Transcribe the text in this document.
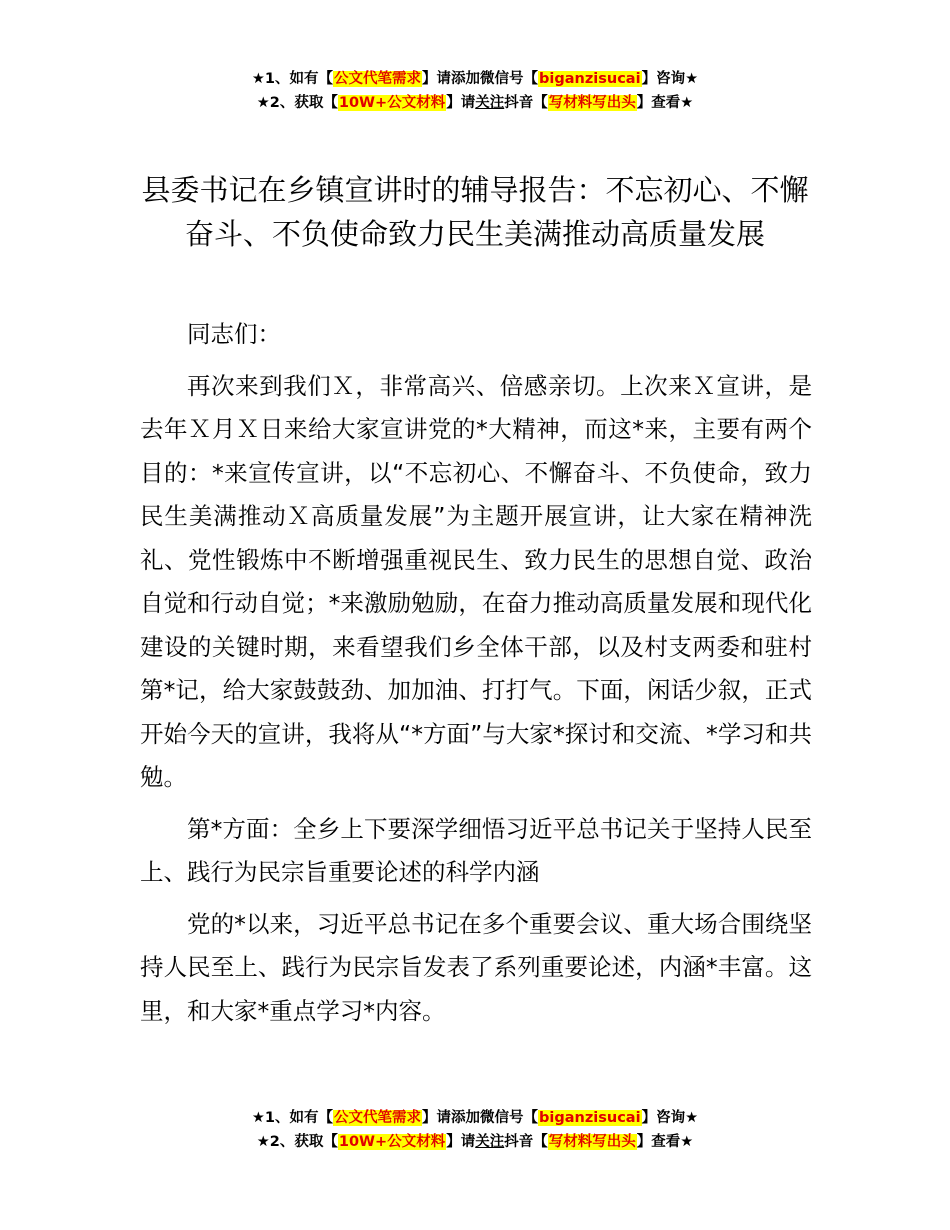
★1、如有【公文代笔需求】请添加微信号【biganzisucai】咨询★
★2、获取【10W+公文材料】请关注抖音【写材料写出头】查看★
县委书记在乡镇宣讲时的辅导报告：不忘初心、不懈奋斗、不负使命致力民生美满推动高质量发展

同志们：

再次来到我们Ｘ，非常高兴、倍感亲切。上次来Ｘ宣讲，是去年Ｘ月Ｘ日来给大家宣讲党的*大精神，而这*来，主要有两个目的：*来宣传宣讲，以“不忘初心、不懈奋斗、不负使命，致力民生美满推动Ｘ高质量发展”为主题开展宣讲，让大家在精神洗礼、党性锻炼中不断增强重视民生、致力民生的思想自觉、政治自觉和行动自觉；*来激励勉励，在奋力推动高质量发展和现代化建设的关键时期，来看望我们乡全体干部，以及村支两委和驻村第*记，给大家鼓鼓劲、加加油、打打气。下面，闲话少叙，正式开始今天的宣讲，我将从“*方面”与大家*探讨和交流、*学习和共勉。

第*方面：全乡上下要深学细悟习近平总书记关于坚持人民至上、践行为民宗旨重要论述的科学内涵

党的*以来，习近平总书记在多个重要会议、重大场合围绕坚持人民至上、践行为民宗旨发表了系列重要论述，内涵*丰富。这里，和大家*重点学习*内容。

★1、如有【公文代笔需求】请添加微信号【biganzisucai】咨询★
★2、获取【10W+公文材料】请关注抖音【写材料写出头】查看★
